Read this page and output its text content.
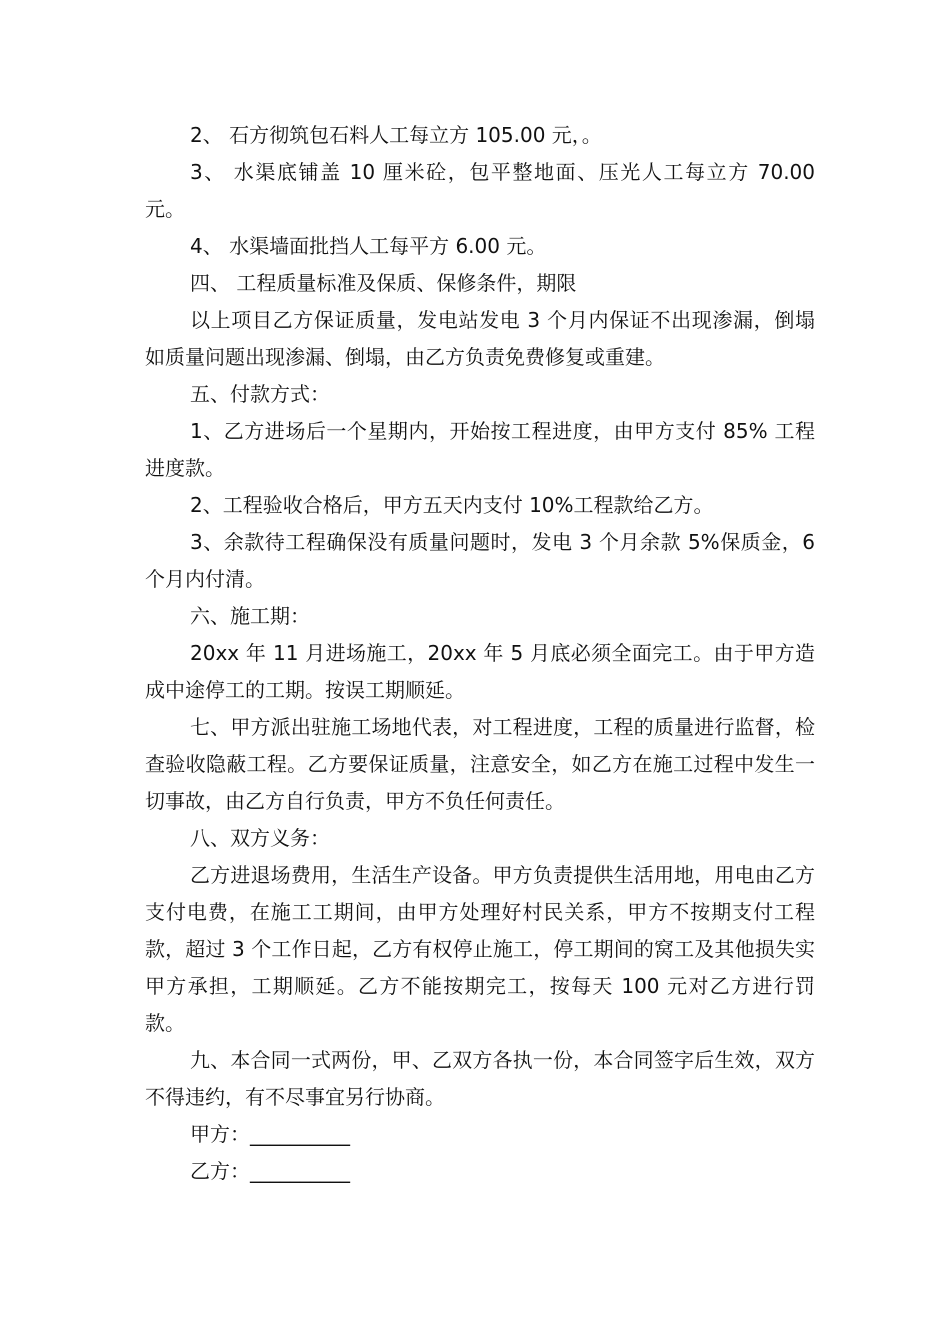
2、 石方彻筑包石料人工每立方 105.00 元，。

3、 水渠底铺盖 10 厘米砼，包平整地面、压光人工每立方 70.00 元。

4、 水渠墙面批挡人工每平方 6.00 元。

四、 工程质量标准及保质、保修条件，期限

以上项目乙方保证质量，发电站发电 3 个月内保证不出现渗漏，倒塌如质量问题出现渗漏、倒塌，由乙方负责免费修复或重建。

五、付款方式：

1、乙方进场后一个星期内，开始按工程进度，由甲方支付 85% 工程进度款。

2、工程验收合格后，甲方五天内支付 10%工程款给乙方。

3、余款待工程确保没有质量问题时，发电 3 个月余款 5%保质金，6 个月内付清。

六、施工期：

20xx 年 11 月进场施工，20xx 年 5 月底必须全面完工。由于甲方造成中途停工的工期。按误工期顺延。

七、甲方派出驻施工场地代表，对工程进度，工程的质量进行监督，检查验收隐蔽工程。乙方要保证质量，注意安全，如乙方在施工过程中发生一切事故，由乙方自行负责，甲方不负任何责任。

八、双方义务：

乙方进退场费用，生活生产设备。甲方负责提供生活用地，用电由乙方支付电费，在施工工期间，由甲方处理好村民关系，甲方不按期支付工程款，超过 3 个工作日起，乙方有权停止施工，停工期间的窝工及其他损失实甲方承担，工期顺延。乙方不能按期完工，按每天 100 元对乙方进行罚款。

九、本合同一式两份，甲、乙双方各执一份，本合同签字后生效，双方不得违约，有不尽事宜另行协商。

甲方：__________

乙方：__________
